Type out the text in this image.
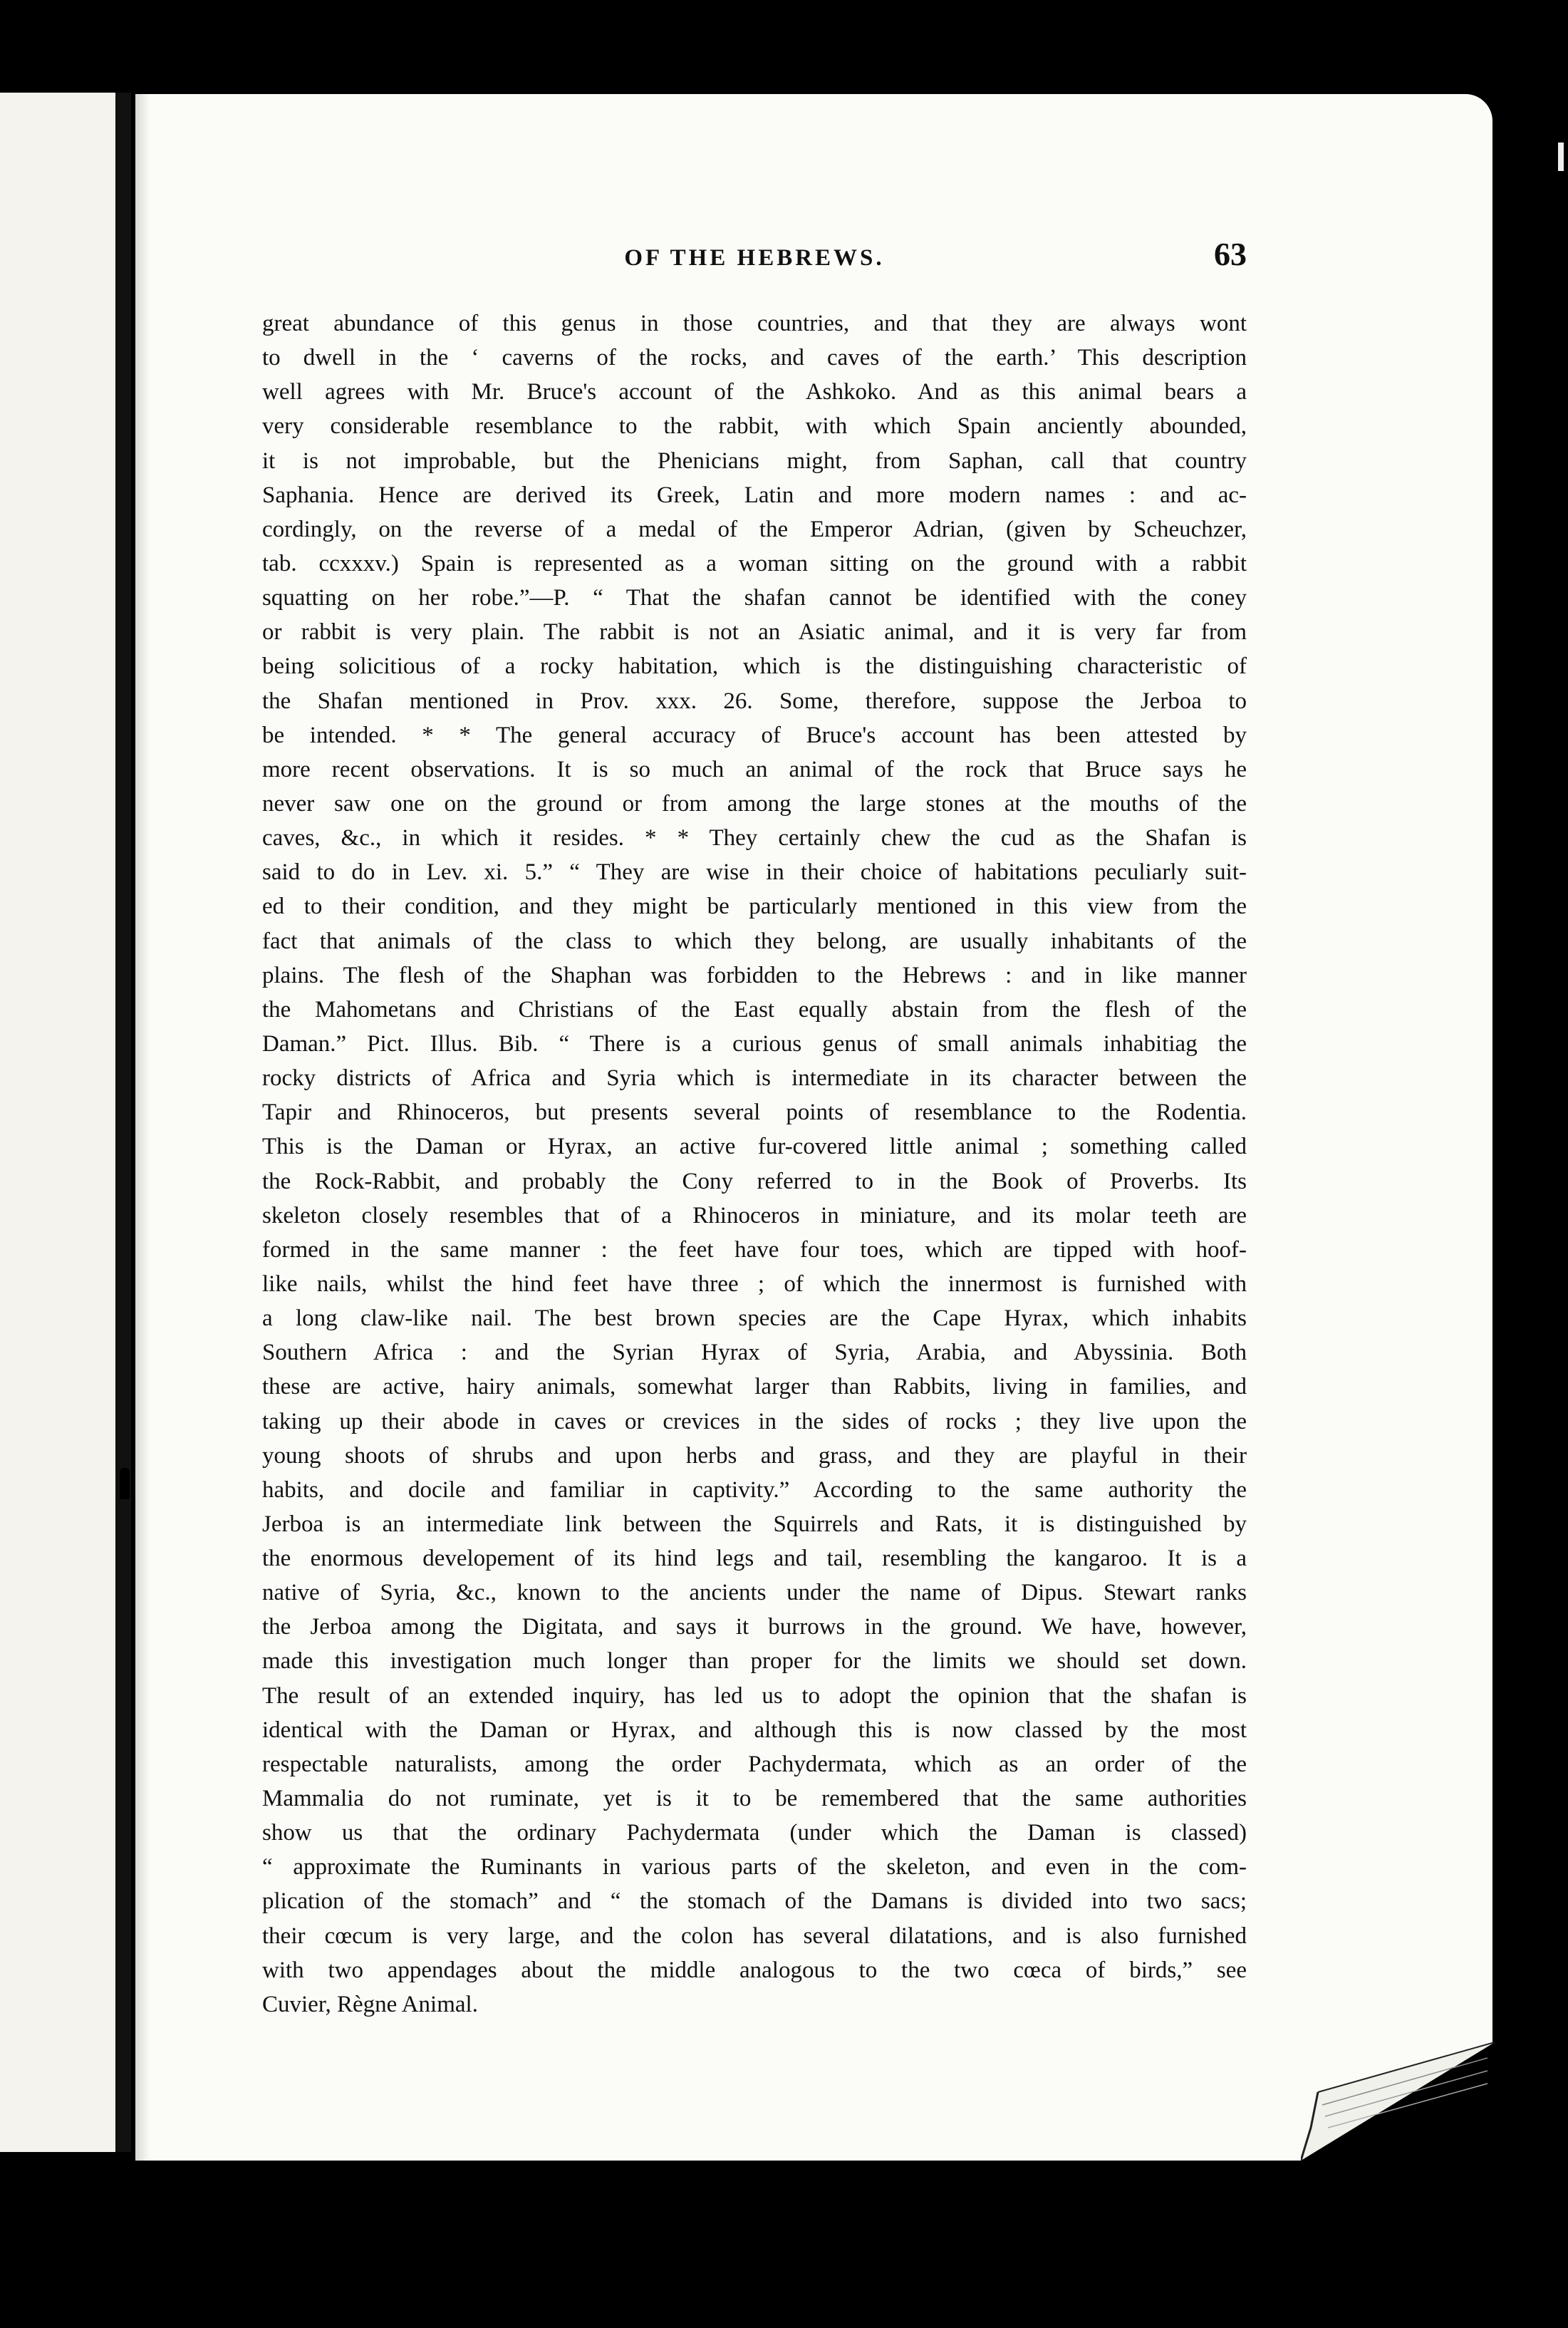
OF THE HEBREWS.	63
great abundance of this genus in those countries, and that they are always wont
to dwell in the ‘ caverns of the rocks, and caves of the earth.’ This description
well agrees with Mr. Bruce's account of the Ashkoko. And as this animal bears a
very considerable resemblance to the rabbit, with which Spain anciently abounded,
it is not improbable, but the Phenicians might, from Saphan, call that country
Saphania. Hence are derived its Greek, Latin and more modern names : and ac-
cordingly, on the reverse of a medal of the Emperor Adrian, (given by Scheuchzer,
tab. ccxxxv.) Spain is represented as a woman sitting on the ground with a rabbit
squatting on her robe.”—P. “ That the shafan cannot be identified with the coney
or rabbit is very plain. The rabbit is not an Asiatic animal, and it is very far from
being solicitious of a rocky habitation, which is the distinguishing characteristic of
the Shafan mentioned in Prov. xxx. 26. Some, therefore, suppose the Jerboa to
be intended. * * The general accuracy of Bruce's account has been attested by
more recent observations. It is so much an animal of the rock that Bruce says he
never saw one on the ground or from among the large stones at the mouths of the
caves, &c., in which it resides. * * They certainly chew the cud as the Shafan is
said to do in Lev. xi. 5.” “ They are wise in their choice of habitations peculiarly suit-
ed to their condition, and they might be particularly mentioned in this view from the
fact that animals of the class to which they belong, are usually inhabitants of the
plains. The flesh of the Shaphan was forbidden to the Hebrews : and in like manner
the Mahometans and Christians of the East equally abstain from the flesh of the
Daman.” Pict. Illus. Bib. “ There is a curious genus of small animals inhabitiag the
rocky districts of Africa and Syria which is intermediate in its character between the
Tapir and Rhinoceros, but presents several points of resemblance to the Rodentia.
This is the Daman or Hyrax, an active fur-covered little animal ; something called
the Rock-Rabbit, and probably the Cony referred to in the Book of Proverbs. Its
skeleton closely resembles that of a Rhinoceros in miniature, and its molar teeth are
formed in the same manner : the feet have four toes, which are tipped with hoof-
like nails, whilst the hind feet have three ; of which the innermost is furnished with
a long claw-like nail. The best brown species are the Cape Hyrax, which inhabits
Southern Africa : and the Syrian Hyrax of Syria, Arabia, and Abyssinia. Both
these are active, hairy animals, somewhat larger than Rabbits, living in families, and
taking up their abode in caves or crevices in the sides of rocks ; they live upon the
young shoots of shrubs and upon herbs and grass, and they are playful in their
habits, and docile and familiar in captivity.” According to the same authority the
Jerboa is an intermediate link between the Squirrels and Rats, it is distinguished by
the enormous developement of its hind legs and tail, resembling the kangaroo. It is a
native of Syria, &c., known to the ancients under the name of Dipus. Stewart ranks
the Jerboa among the Digitata, and says it burrows in the ground. We have, however,
made this investigation much longer than proper for the limits we should set down.
The result of an extended inquiry, has led us to adopt the opinion that the shafan is
identical with the Daman or Hyrax, and although this is now classed by the most
respectable naturalists, among the order Pachydermata, which as an order of the
Mammalia do not ruminate, yet is it to be remembered that the same authorities
show us that the ordinary Pachydermata (under which the Daman is classed)
“ approximate the Ruminants in various parts of the skeleton, and even in the com-
plication of the stomach” and “ the stomach of the Damans is divided into two sacs;
their cœcum is very large, and the colon has several dilatations, and is also furnished
with two appendages about the middle analogous to the two cœca of birds,” see
Cuvier, Règne Animal.
